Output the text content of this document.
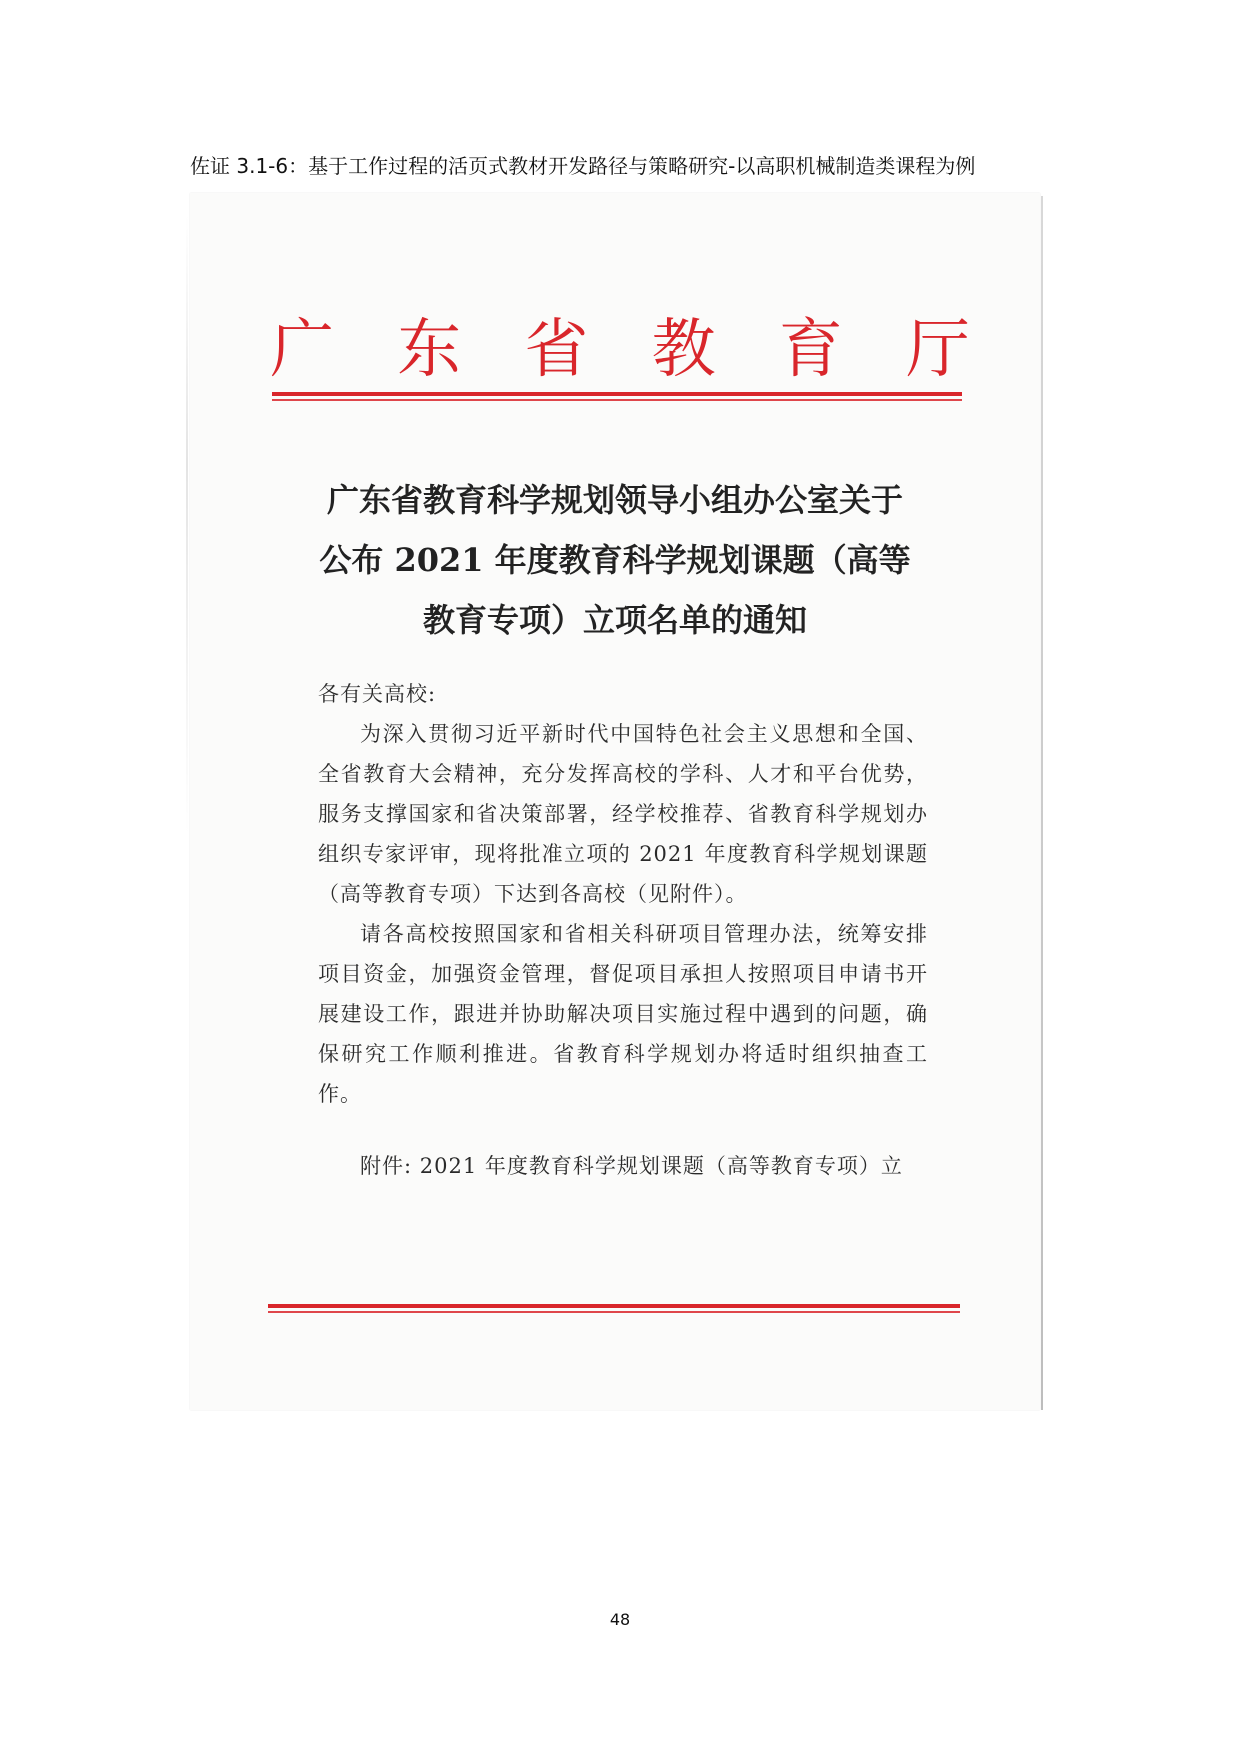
佐证 3.1-6：基于工作过程的活页式教材开发路径与策略研究-以高职机械制造类课程为例
广 东 省 教 育 厅
广东省教育科学规划领导小组办公室关于
公布 2021 年度教育科学规划课题（高等
教育专项）立项名单的通知
各有关高校:
为深入贯彻习近平新时代中国特色社会主义思想和全国、全省教育大会精神，充分发挥高校的学科、人才和平台优势，服务支撑国家和省决策部署，经学校推荐、省教育科学规划办组织专家评审，现将批准立项的 2021 年度教育科学规划课题（高等教育专项）下达到各高校（见附件）。
请各高校按照国家和省相关科研项目管理办法，统筹安排项目资金，加强资金管理，督促项目承担人按照项目申请书开展建设工作，跟进并协助解决项目实施过程中遇到的问题，确保研究工作顺利推进。省教育科学规划办将适时组织抽查工作。
附件: 2021 年度教育科学规划课题（高等教育专项）立
48
